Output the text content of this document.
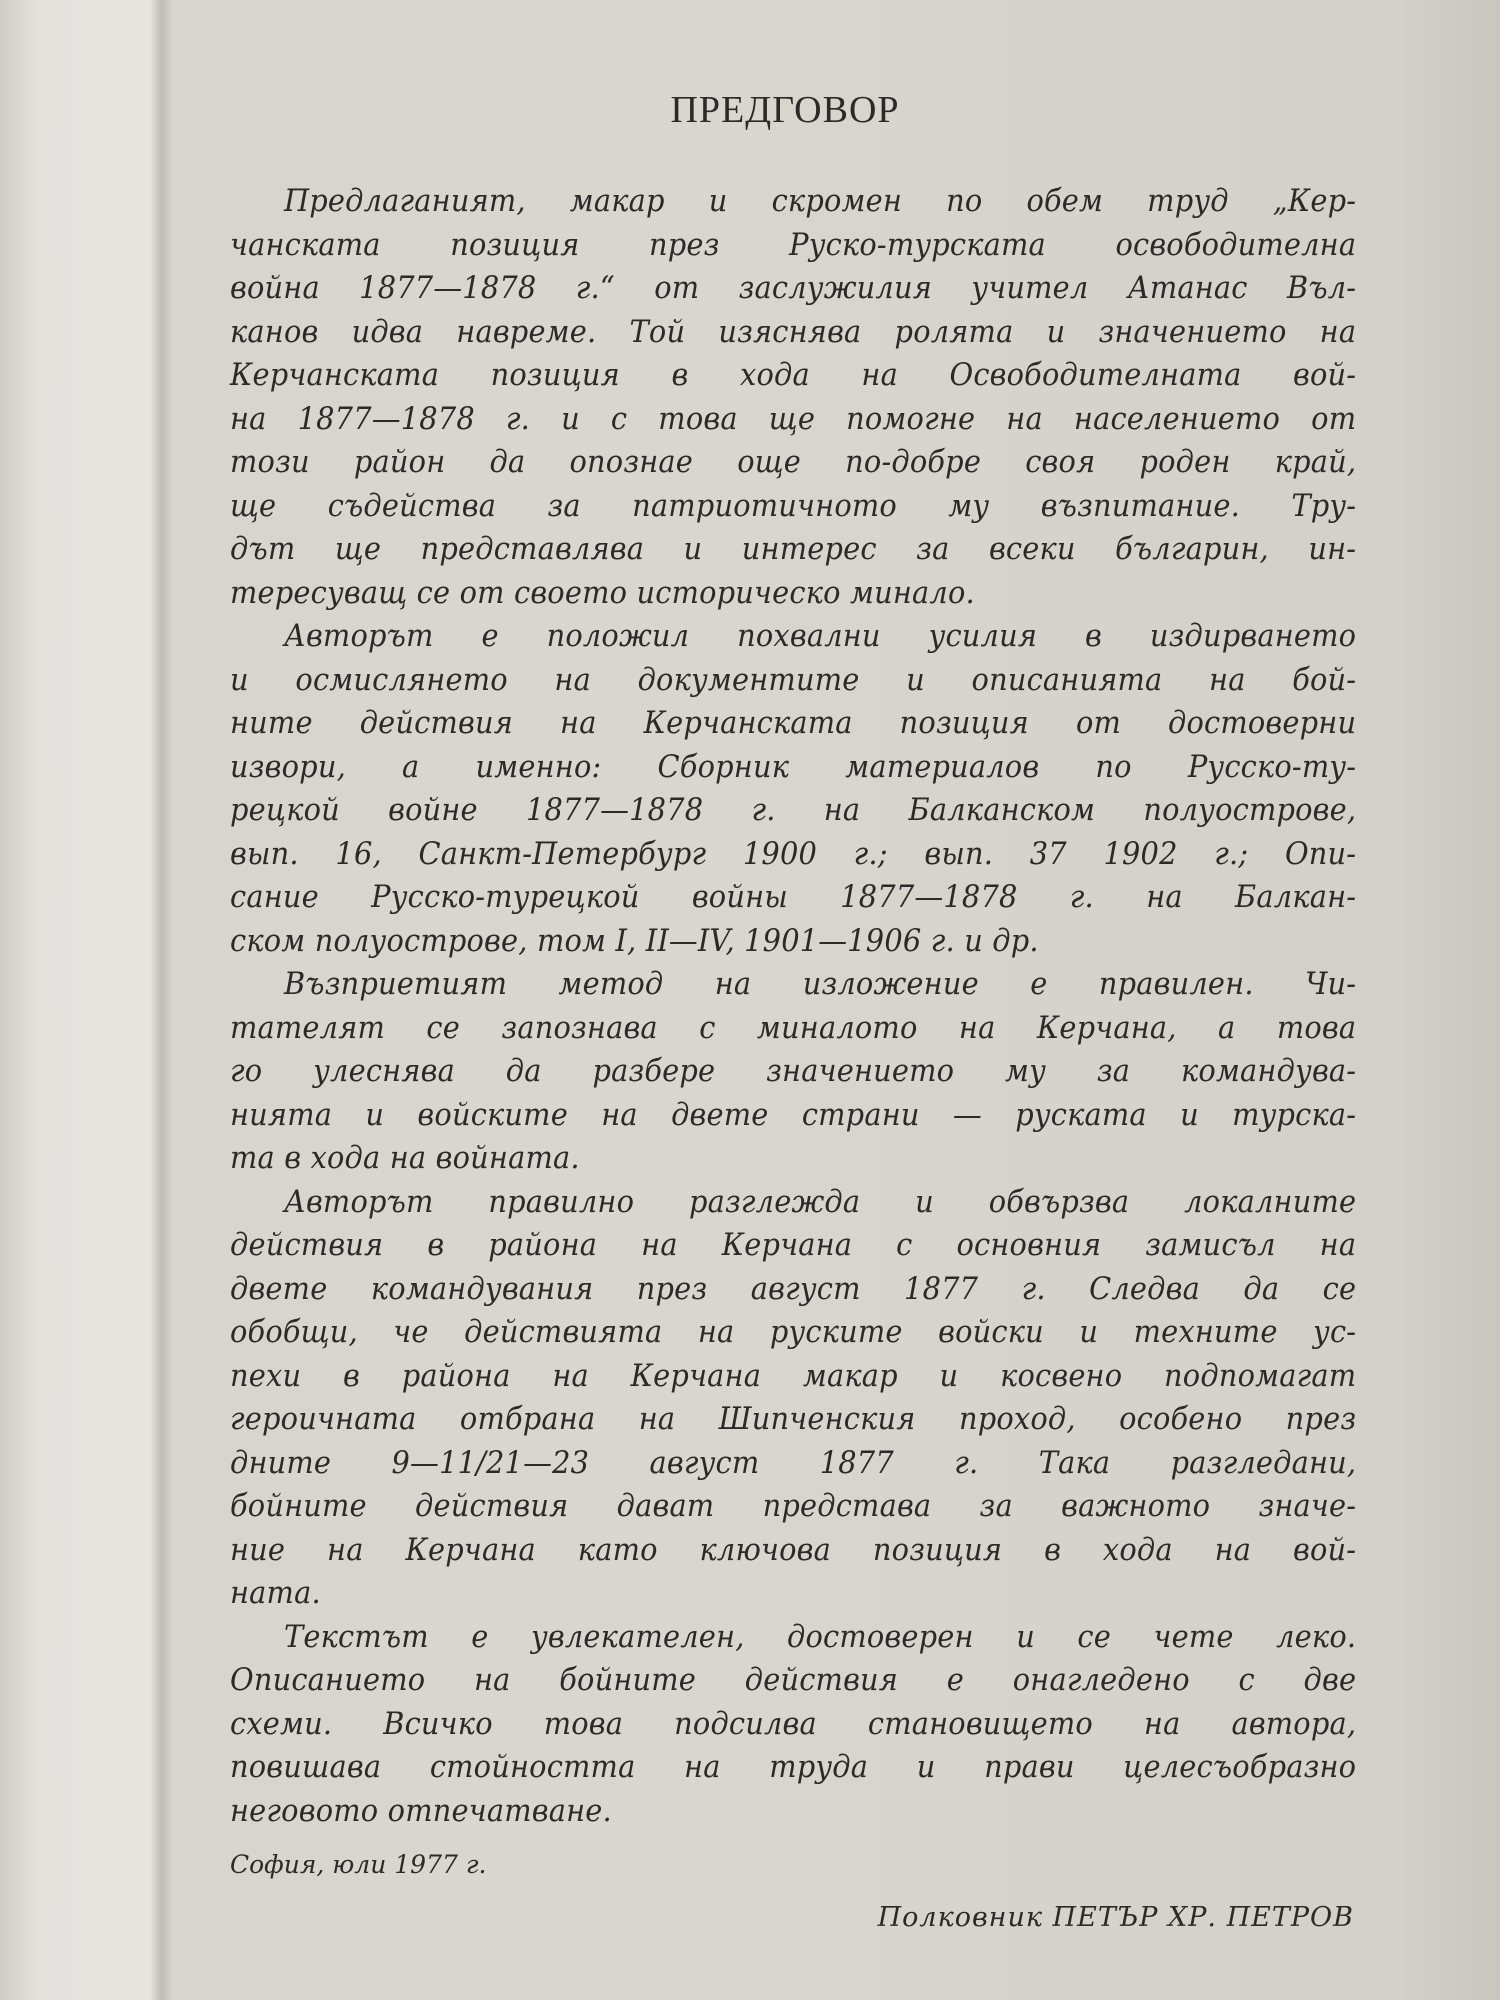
ПРЕДГОВОР
Предлаганият, макар и скромен по обем труд „Кер-
чанската позиция през Руско-турската освободителна
война 1877—1878 г.“ от заслужилия учител Атанас Въл-
канов идва навреме. Той изяснява ролята и значението на
Керчанската позиция в хода на Освободителната вой-
на 1877—1878 г. и с това ще помогне на населението от
този район да опознае още по-добре своя роден край,
ще съдейства за патриотичното му възпитание. Тру-
дът ще представлява и интерес за всеки българин, ин-
тересуващ се от своето историческо минало.
Авторът е положил похвални усилия в издирването
и осмислянето на документите и описанията на бой-
ните действия на Керчанската позиция от достоверни
извори, а именно: Сборник материалов по Русско-ту-
рецкой войне 1877—1878 г. на Балканском полуострове,
вып. 16, Санкт-Петербург 1900 г.; вып. 37 1902 г.; Опи-
сание Русско-турецкой войны 1877—1878 г. на Балкан-
ском полуострове, том I, II—IV, 1901—1906 г. и др.
Възприетият метод на изложение е правилен. Чи-
тателят се запознава с миналото на Керчана, а това
го улеснява да разбере значението му за командува-
нията и войските на двете страни — руската и турска-
та в хода на войната.
Авторът правилно разглежда и обвързва локалните
действия в района на Керчана с основния замисъл на
двете командувания през август 1877 г. Следва да се
обобщи, че действията на руските войски и техните ус-
пехи в района на Керчана макар и косвено подпомагат
героичната отбрана на Шипченския проход, особено през
дните 9—11/21—23 август 1877 г. Така разгледани,
бойните действия дават представа за важното значе-
ние на Керчана като ключова позиция в хода на вой-
ната.
Текстът е увлекателен, достоверен и се чете леко.
Описанието на бойните действия е онагледено с две
схеми. Всичко това подсилва становището на автора,
повишава стойността на труда и прави целесъобразно
неговото отпечатване.
София, юли 1977 г.
Полковник ПЕТЪР ХР. ПЕТРОВ
